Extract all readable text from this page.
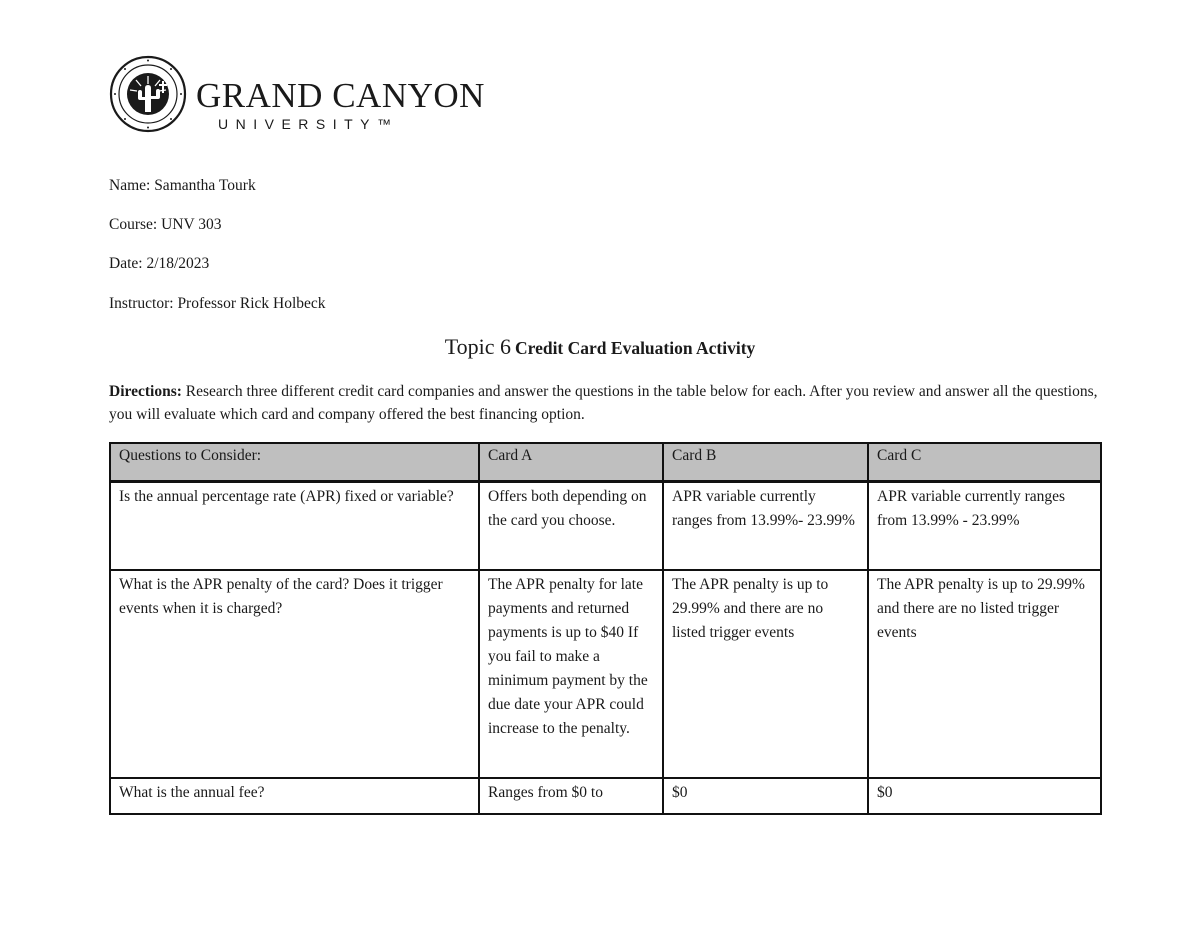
GRAND CANYON
UNIVERSITY™
Name: Samantha Tourk
Course: UNV 303
Date: 2/18/2023
Instructor: Professor Rick Holbeck
Topic 6 Credit Card Evaluation Activity
Directions: Research three different credit card companies and answer the questions in the table below for each. After you review and answer all the questions, you will evaluate which card and company offered the best financing option.
Questions to Consider:	Card A	Card B	Card C
Is the annual percentage rate (APR) fixed or variable?	Offers both depending on the card you choose.	APR variable currently ranges from 13.99%- 23.99%	APR variable currently ranges from 13.99% - 23.99%
What is the APR penalty of the card? Does it trigger events when it is charged?	The APR penalty for late payments and returned payments is up to $40 If you fail to make a minimum payment by the due date your APR could increase to the penalty.	The APR penalty is up to 29.99% and there are no listed trigger events	The APR penalty is up to 29.99% and there are no listed trigger events
What is the annual fee?	Ranges from $0 to	$0	$0
